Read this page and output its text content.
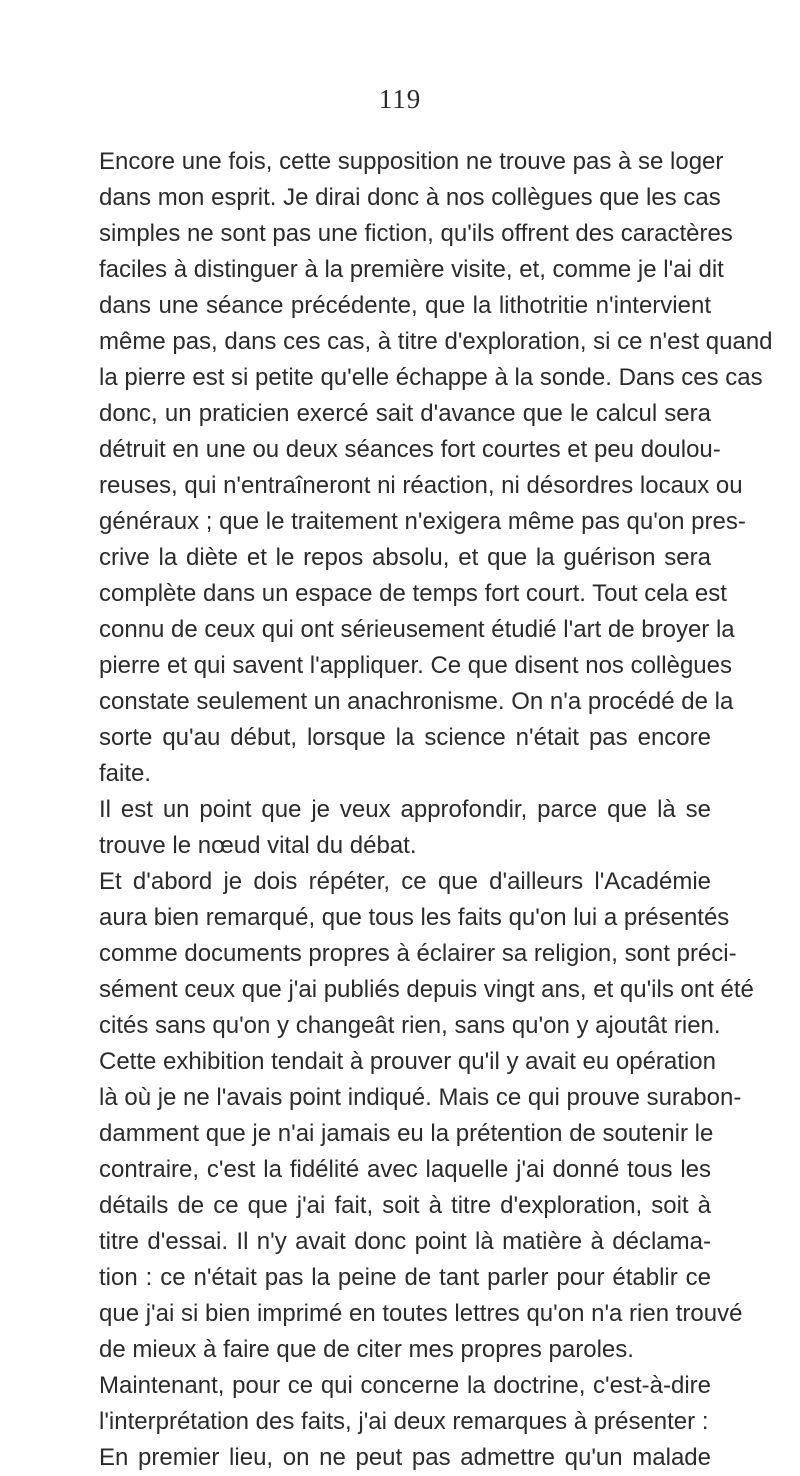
119
Encore une fois, cette supposition ne trouve pas à se loger
dans mon esprit. Je dirai donc à nos collègues que les cas
simples ne sont pas une fiction, qu'ils offrent des caractères
faciles à distinguer à la première visite, et, comme je l'ai dit
dans une séance précédente, que la lithotritie n'intervient
même pas, dans ces cas, à titre d'exploration, si ce n'est quand
la pierre est si petite qu'elle échappe à la sonde. Dans ces cas
donc, un praticien exercé sait d'avance que le calcul sera
détruit en une ou deux séances fort courtes et peu doulou-
reuses, qui n'entraîneront ni réaction, ni désordres locaux ou
généraux ; que le traitement n'exigera même pas qu'on pres-
crive la diète et le repos absolu, et que la guérison sera
complète dans un espace de temps fort court. Tout cela est
connu de ceux qui ont sérieusement étudié l'art de broyer la
pierre et qui savent l'appliquer. Ce que disent nos collègues
constate seulement un anachronisme. On n'a procédé de la
sorte qu'au début, lorsque la science n'était pas encore
faite.
Il est un point que je veux approfondir, parce que là se
trouve le nœud vital du débat.
Et d'abord je dois répéter, ce que d'ailleurs l'Académie
aura bien remarqué, que tous les faits qu'on lui a présentés
comme documents propres à éclairer sa religion, sont préci-
sément ceux que j'ai publiés depuis vingt ans, et qu'ils ont été
cités sans qu'on y changeât rien, sans qu'on y ajoutât rien.
Cette exhibition tendait à prouver qu'il y avait eu opération
là où je ne l'avais point indiqué. Mais ce qui prouve surabon-
damment que je n'ai jamais eu la prétention de soutenir le
contraire, c'est la fidélité avec laquelle j'ai donné tous les
détails de ce que j'ai fait, soit à titre d'exploration, soit à
titre d'essai. Il n'y avait donc point là matière à déclama-
tion : ce n'était pas la peine de tant parler pour établir ce
que j'ai si bien imprimé en toutes lettres qu'on n'a rien trouvé
de mieux à faire que de citer mes propres paroles.
Maintenant, pour ce qui concerne la doctrine, c'est-à-dire
l'interprétation des faits, j'ai deux remarques à présenter :
En premier lieu, on ne peut pas admettre qu'un malade
